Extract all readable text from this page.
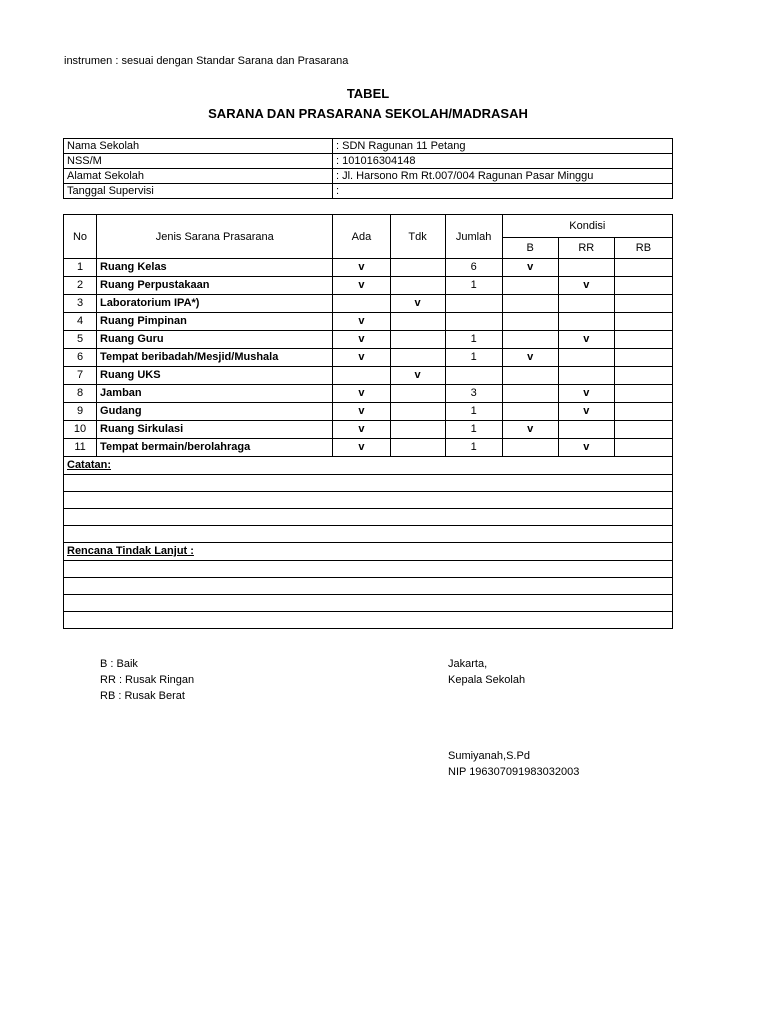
instrumen : sesuai dengan Standar Sarana dan Prasarana
TABEL
SARANA DAN PRASARANA SEKOLAH/MADRASAH
Nama Sekolah	: SDN Ragunan 11 Petang
NSS/M	: 101016304148
Alamat Sekolah	: Jl. Harsono Rm Rt.007/004 Ragunan Pasar Minggu
Tanggal Supervisi	:
No	Jenis Sarana Prasarana	Ada	Tdk	Jumlah	Kondisi		
					B	RR	RB
1	Ruang Kelas	v		6	v		
2	Ruang Perpustakaan	v		1		v	
3	Laboratorium IPA*)		v				
4	Ruang Pimpinan	v					
5	Ruang Guru	v		1		v	
6	Tempat beribadah/Mesjid/Mushala	v		1	v		
7	Ruang UKS		v				
8	Jamban	v		3		v	
9	Gudang	v		1		v	
10	Ruang Sirkulasi	v		1	v		
11	Tempat bermain/berolahraga	v		1		v	
Catatan:							

Rencana Tindak Lanjut :							

B : Baik
RR : Rusak Ringan
RB : Rusak Berat
Jakarta,
Kepala Sekolah
Sumiyanah,S.Pd
NIP 196307091983032003
